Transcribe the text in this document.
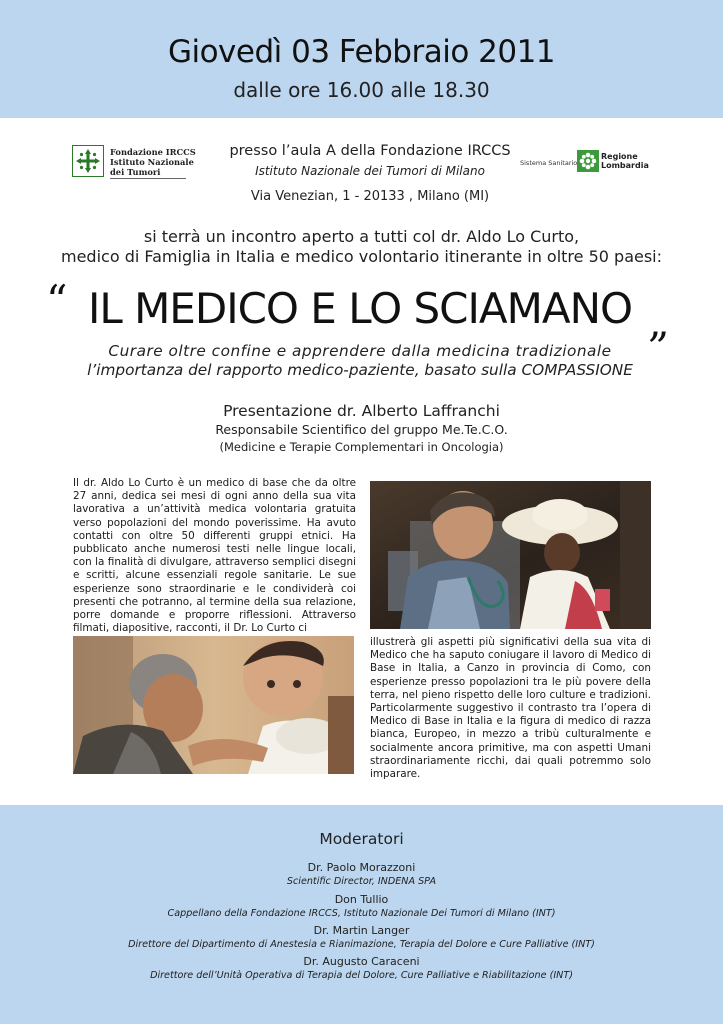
Giovedì 03 Febbraio 2011
dalle ore 16.00 alle 18.30
Fondazione IRCCS
Istituto Nazionale
dei Tumori
Sistema Sanitario
Regione
Lombardia
presso l’aula A della Fondazione IRCCS
Istituto Nazionale dei Tumori di Milano
Via Venezian, 1 - 20133 , Milano (MI)
si terrà un incontro aperto a tutti col dr. Aldo Lo Curto,
medico di Famiglia in Italia e medico volontario itinerante in oltre 50 paesi:
“ IL MEDICO E LO SCIAMANO „
Curare oltre confine e apprendere dalla medicina tradizionale
l’importanza del rapporto medico-paziente, basato sulla COMPASSIONE
Presentazione dr. Alberto Laffranchi
Responsabile Scientifico del gruppo Me.Te.C.O.
(Medicine e Terapie Complementari in Oncologia)
Il dr. Aldo Lo Curto è un medico di base che da oltre 27 anni, dedica sei mesi di ogni anno della sua vita lavorativa a un’attività medica volontaria gratuita verso popolazioni del mondo poverissime. Ha avuto contatti con oltre 50 differenti gruppi etnici. Ha pubblicato anche numerosi testi nelle lingue locali, con la finalità di divulgare, attraverso semplici disegni e scritti, alcune essenziali regole sanitarie. Le sue esperienze sono straordinarie e le condividerà coi presenti che potranno, al termine della sua relazione, porre domande e proporre riflessioni. Attraverso filmati, diapositive, racconti, il Dr. Lo Curto ci
illustrerà gli aspetti più significativi della sua vita di Medico che ha saputo coniugare il lavoro di Medico di Base in Italia, a Canzo in provincia di Como, con esperienze presso popolazioni tra le più povere della terra, nel pieno rispetto delle loro culture e tradizioni. Particolarmente suggestivo il contrasto tra l’opera di Medico di Base in Italia e la figura di medico di razza bianca, Europeo, in mezzo a tribù culturalmente e socialmente ancora primitive, ma con aspetti Umani straordinariamente ricchi, dai quali potremmo solo imparare.
Moderatori
Dr. Paolo Morazzoni
Scientific Director, INDENA SPA
Don Tullio
Cappellano della Fondazione IRCCS, Istituto Nazionale Dei Tumori di Milano (INT)
Dr. Martin Langer
Direttore del Dipartimento di Anestesia e Rianimazione, Terapia del Dolore e Cure Palliative (INT)
Dr. Augusto Caraceni
Direttore dell’Unità Operativa di Terapia del Dolore, Cure Palliative e Riabilitazione (INT)
